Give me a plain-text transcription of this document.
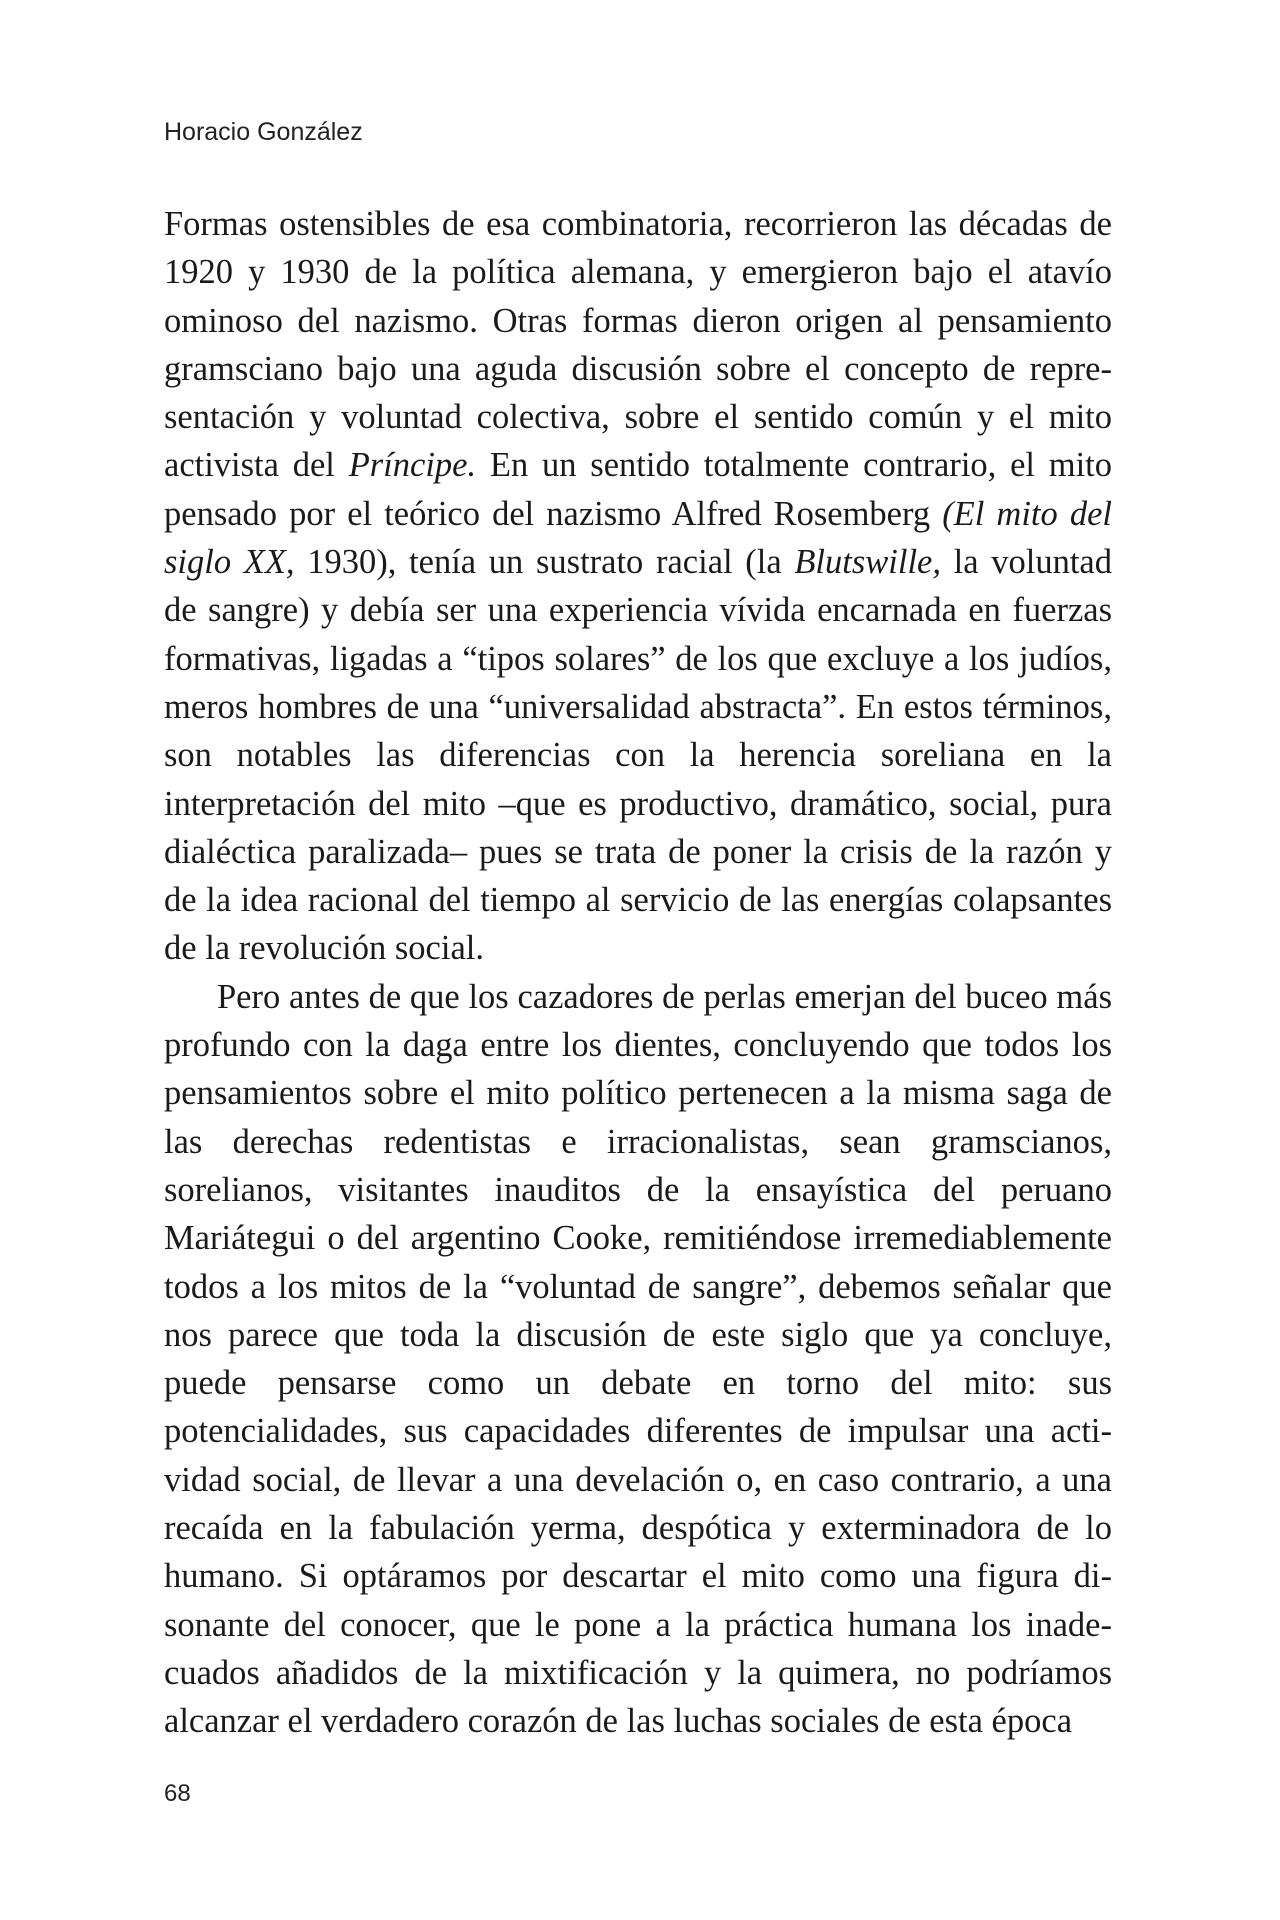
Horacio González

Formas ostensibles de esa combinatoria, recorrieron las décadas de 1920 y 1930 de la política alemana, y emergieron bajo el atavío ominoso del nazismo. Otras formas dieron origen al pensamiento gramsciano bajo una aguda discusión sobre el concepto de representación y voluntad colectiva, sobre el sentido común y el mito activista del Príncipe. En un sentido totalmente contrario, el mito pensado por el teórico del nazismo Alfred Rosemberg (El mito del siglo XX, 1930), tenía un sustrato racial (la Blutswille, la voluntad de sangre) y debía ser una experiencia vívida encarnada en fuerzas formativas, ligadas a “tipos solares” de los que excluye a los judíos, meros hombres de una “universalidad abstracta”. En estos términos, son notables las diferencias con la herencia soreliana en la interpretación del mito –que es productivo, dramático, social, pura dialéctica paralizada– pues se trata de poner la crisis de la razón y de la idea racional del tiempo al servicio de las energías colapsantes de la revolución social.

Pero antes de que los cazadores de perlas emerjan del buceo más profundo con la daga entre los dientes, concluyendo que todos los pensamientos sobre el mito político pertenecen a la misma saga de las derechas redentistas e irracionalistas, sean gramscianos, sorelianos, visitantes inauditos de la ensayística del peruano Mariátegui o del argentino Cooke, remitiéndose irremediablemente todos a los mitos de la “voluntad de sangre”, debemos señalar que nos parece que toda la discusión de este siglo que ya concluye, puede pensarse como un debate en torno del mito: sus potencialidades, sus capacidades diferentes de impulsar una actividad social, de llevar a una develación o, en caso contrario, a una recaída en la fabulación yerma, despótica y exterminadora de lo humano. Si optáramos por descartar el mito como una figura disonante del conocer, que le pone a la práctica humana los inadecuados añadidos de la mixtificación y la quimera, no podríamos alcanzar el verdadero corazón de las luchas sociales de esta época

68
